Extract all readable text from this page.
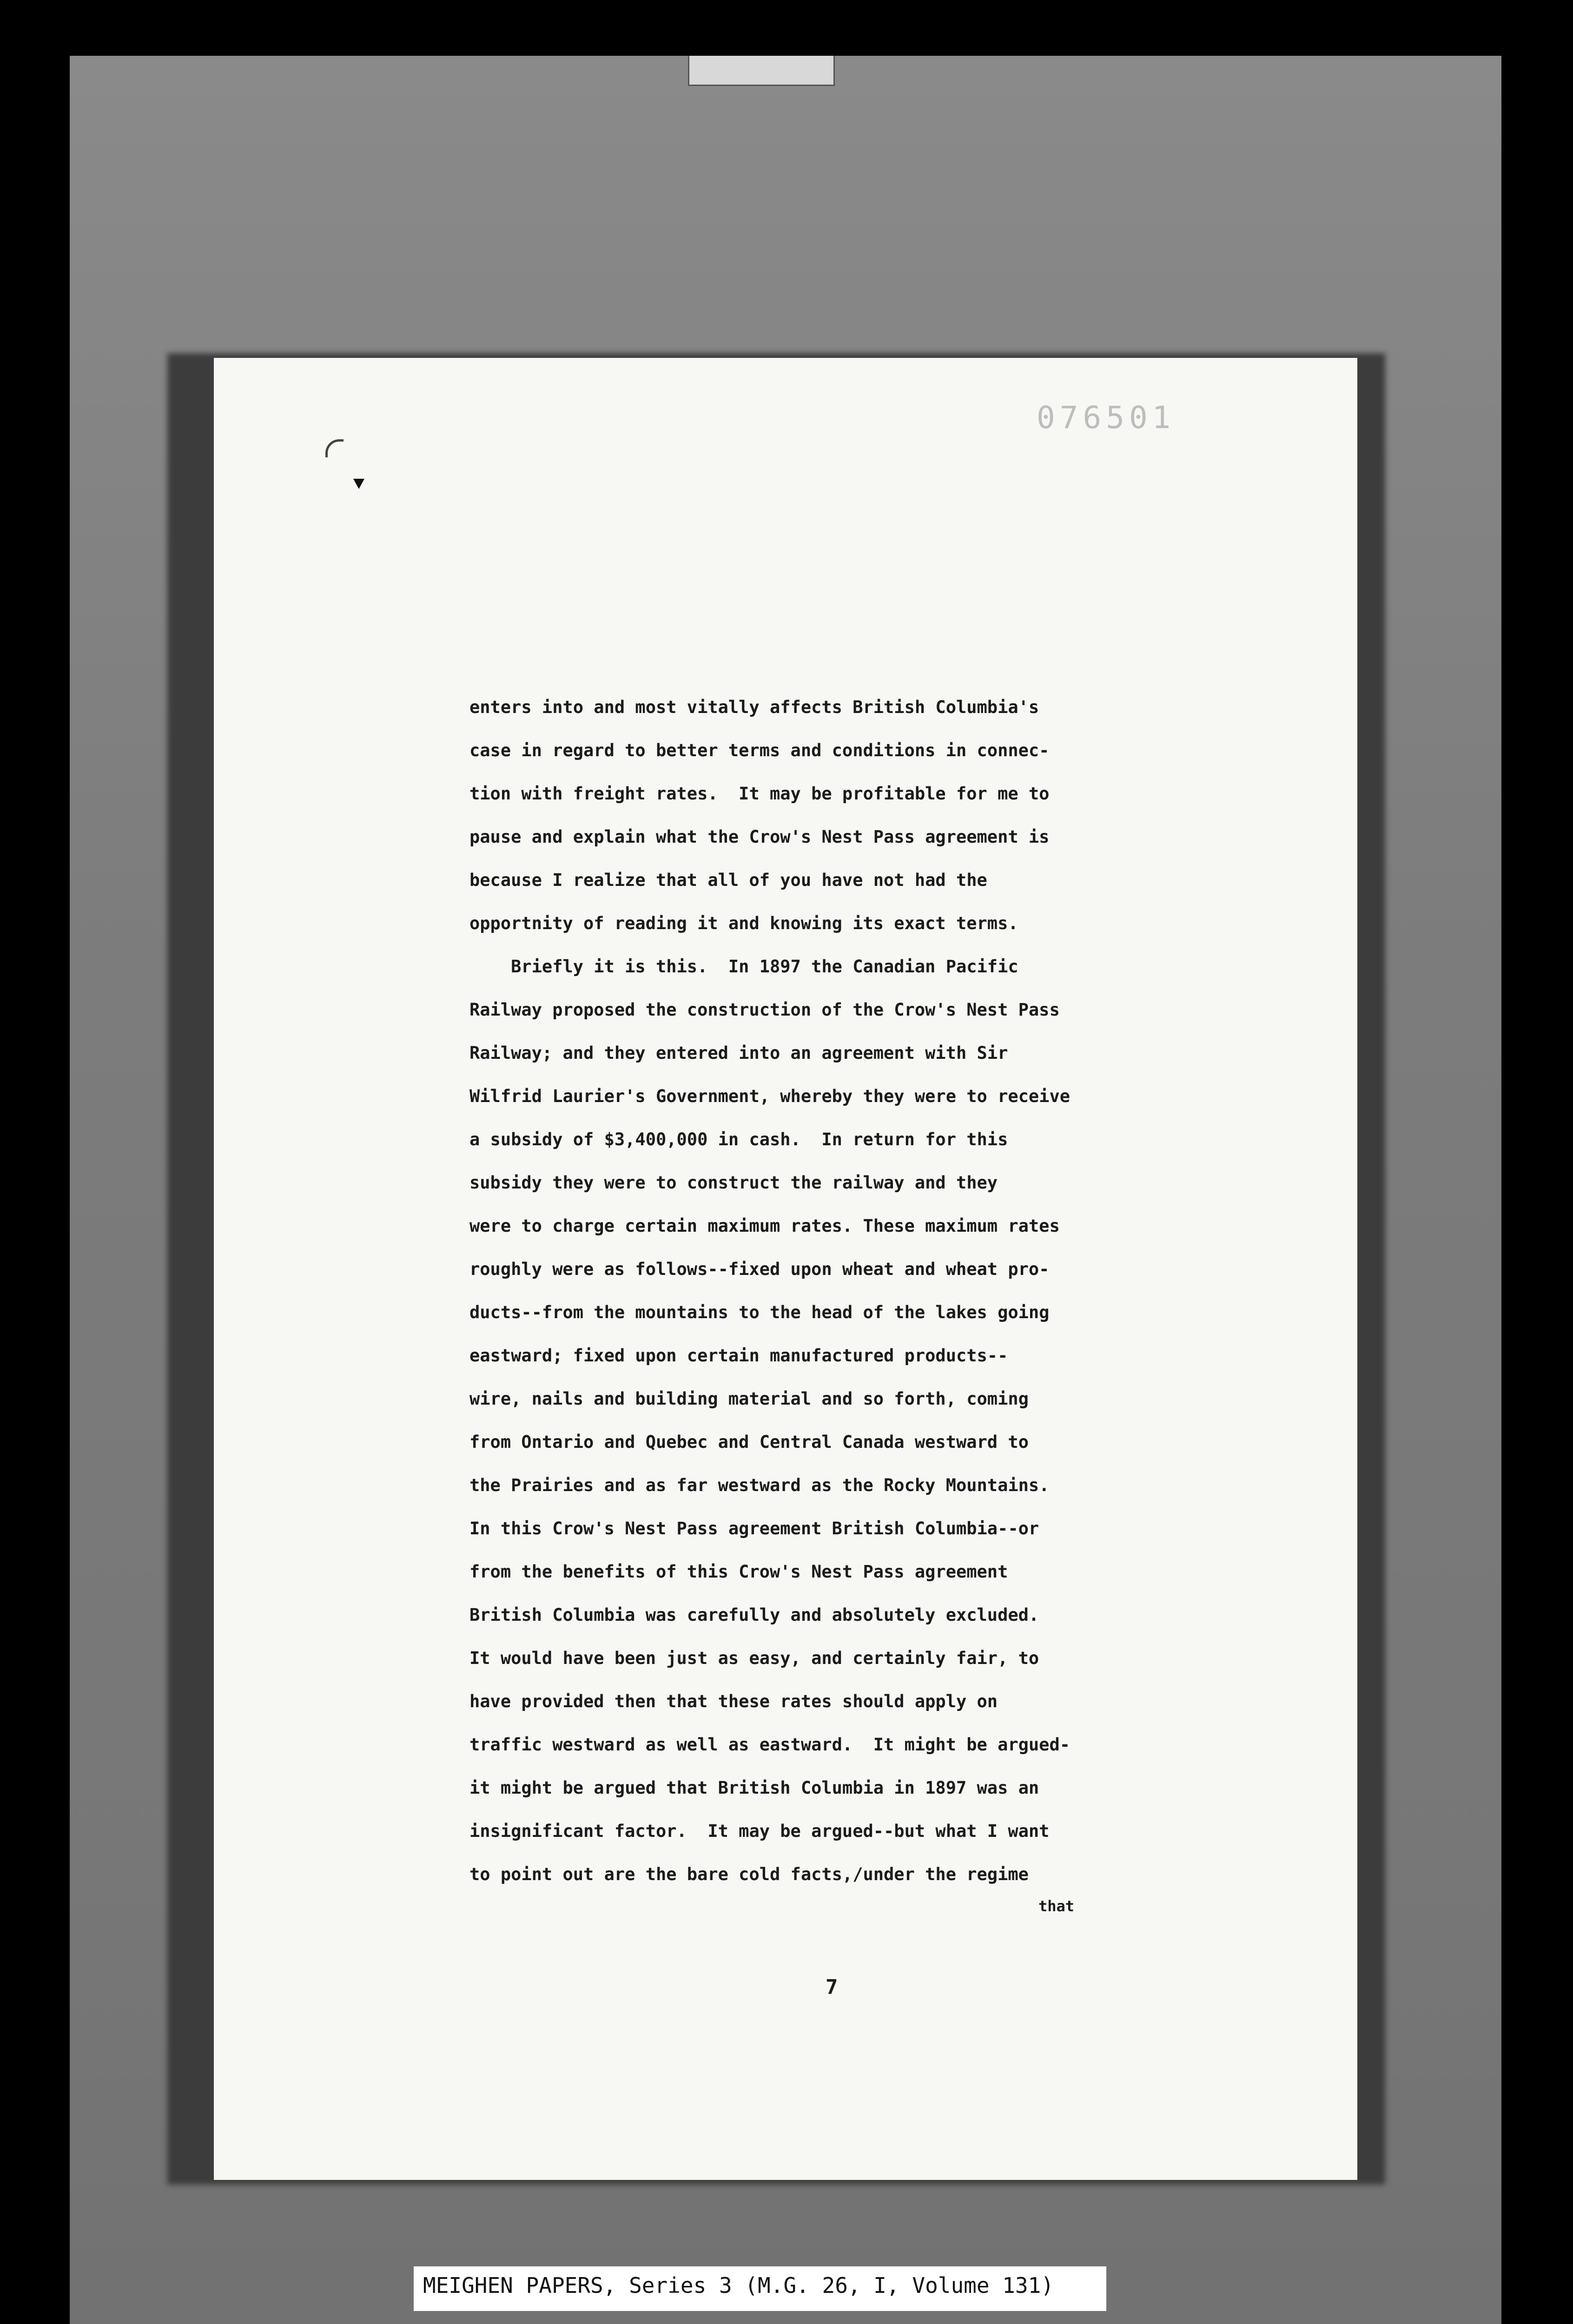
076501
enters into and most vitally affects British Columbia's
case in regard to better terms and conditions in connec-
tion with freight rates.  It may be profitable for me to
pause and explain what the Crow's Nest Pass agreement is
because I realize that all of you have not had the
opportnity of reading it and knowing its exact terms.
Briefly it is this.  In 1897 the Canadian Pacific
Railway proposed the construction of the Crow's Nest Pass
Railway; and they entered into an agreement with Sir
Wilfrid Laurier's Government, whereby they were to receive
a subsidy of $3,400,000 in cash.  In return for this
subsidy they were to construct the railway and they
were to charge certain maximum rates. These maximum rates
roughly were as follows--fixed upon wheat and wheat pro-
ducts--from the mountains to the head of the lakes going
eastward; fixed upon certain manufactured products--
wire, nails and building material and so forth, coming
from Ontario and Quebec and Central Canada westward to
the Prairies and as far westward as the Rocky Mountains.
In this Crow's Nest Pass agreement British Columbia--or
from the benefits of this Crow's Nest Pass agreement
British Columbia was carefully and absolutely excluded.
It would have been just as easy, and certainly fair, to
have provided then that these rates should apply on
traffic westward as well as eastward.  It might be argued-
it might be argued that British Columbia in 1897 was an
insignificant factor.  It may be argued--but what I want
to point out are the bare cold facts,/under the regime
that
7
MEIGHEN PAPERS, Series 3 (M.G. 26, I, Volume 131)
